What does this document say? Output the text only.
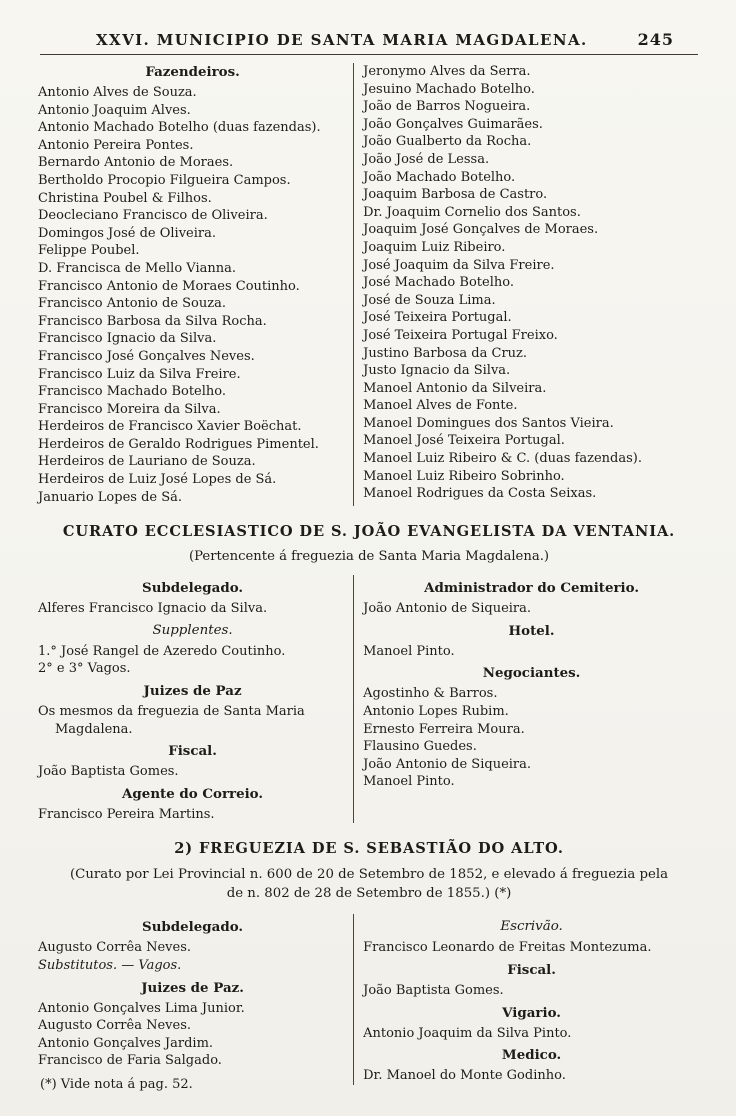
XXVI. MUNICIPIO DE SANTA MARIA MAGDALENA.	245
Fazendeiros.
Antonio Alves de Souza.
Antonio Joaquim Alves.
Antonio Machado Botelho (duas fazendas).
Antonio Pereira Pontes.
Bernardo Antonio de Moraes.
Bertholdo Procopio Filgueira Campos.
Christina Poubel & Filhos.
Deocleciano Francisco de Oliveira.
Domingos José de Oliveira.
Felippe Poubel.
D. Francisca de Mello Vianna.
Francisco Antonio de Moraes Coutinho.
Francisco Antonio de Souza.
Francisco Barbosa da Silva Rocha.
Francisco Ignacio da Silva.
Francisco José Gonçalves Neves.
Francisco Luiz da Silva Freire.
Francisco Machado Botelho.
Francisco Moreira da Silva.
Herdeiros de Francisco Xavier Boëchat.
Herdeiros de Geraldo Rodrigues Pimentel.
Herdeiros de Lauriano de Souza.
Herdeiros de Luiz José Lopes de Sá.
Januario Lopes de Sá.
Jeronymo Alves da Serra.
Jesuino Machado Botelho.
João de Barros Nogueira.
João Gonçalves Guimarães.
João Gualberto da Rocha.
João José de Lessa.
João Machado Botelho.
Joaquim Barbosa de Castro.
Dr. Joaquim Cornelio dos Santos.
Joaquim José Gonçalves de Moraes.
Joaquim Luiz Ribeiro.
José Joaquim da Silva Freire.
José Machado Botelho.
José de Souza Lima.
José Teixeira Portugal.
José Teixeira Portugal Freixo.
Justino Barbosa da Cruz.
Justo Ignacio da Silva.
Manoel Antonio da Silveira.
Manoel Alves de Fonte.
Manoel Domingues dos Santos Vieira.
Manoel José Teixeira Portugal.
Manoel Luiz Ribeiro & C. (duas fazendas).
Manoel Luiz Ribeiro Sobrinho.
Manoel Rodrigues da Costa Seixas.
CURATO ECCLESIASTICO DE S. JOÃO EVANGELISTA DA VENTANIA.
(Pertencente á freguezia de Santa Maria Magdalena.)
Subdelegado.
Alferes Francisco Ignacio da Silva.
Supplentes.
1.° José Rangel de Azeredo Coutinho.
2° e 3° Vagos.
Juizes de Paz
Os mesmos da freguezia de Santa Maria Magdalena.
Fiscal.
João Baptista Gomes.
Agente do Correio.
Francisco Pereira Martins.
Administrador do Cemiterio.
João Antonio de Siqueira.
Hotel.
Manoel Pinto.
Negociantes.
Agostinho & Barros.
Antonio Lopes Rubim.
Ernesto Ferreira Moura.
Flausino Guedes.
João Antonio de Siqueira.
Manoel Pinto.
2) FREGUEZIA DE S. SEBASTIÃO DO ALTO.

(Curato por Lei Provincial n. 600 de 20 de Setembro de 1852, e elevado á freguezia pela de n. 802 de 28 de Setembro de 1855.) (*)

Subdelegado.
Augusto Corrêa Neves.
Substitutos. — Vagos.
Juizes de Paz.
Antonio Gonçalves Lima Junior.
Augusto Corrêa Neves.
Antonio Gonçalves Jardim.
Francisco de Faria Salgado.
Escrivão.
Francisco Leonardo de Freitas Montezuma.
Fiscal.
João Baptista Gomes.
Vigario.
Antonio Joaquim da Silva Pinto.
Medico.
Dr. Manoel do Monte Godinho.
(*) Vide nota á pag. 52.
